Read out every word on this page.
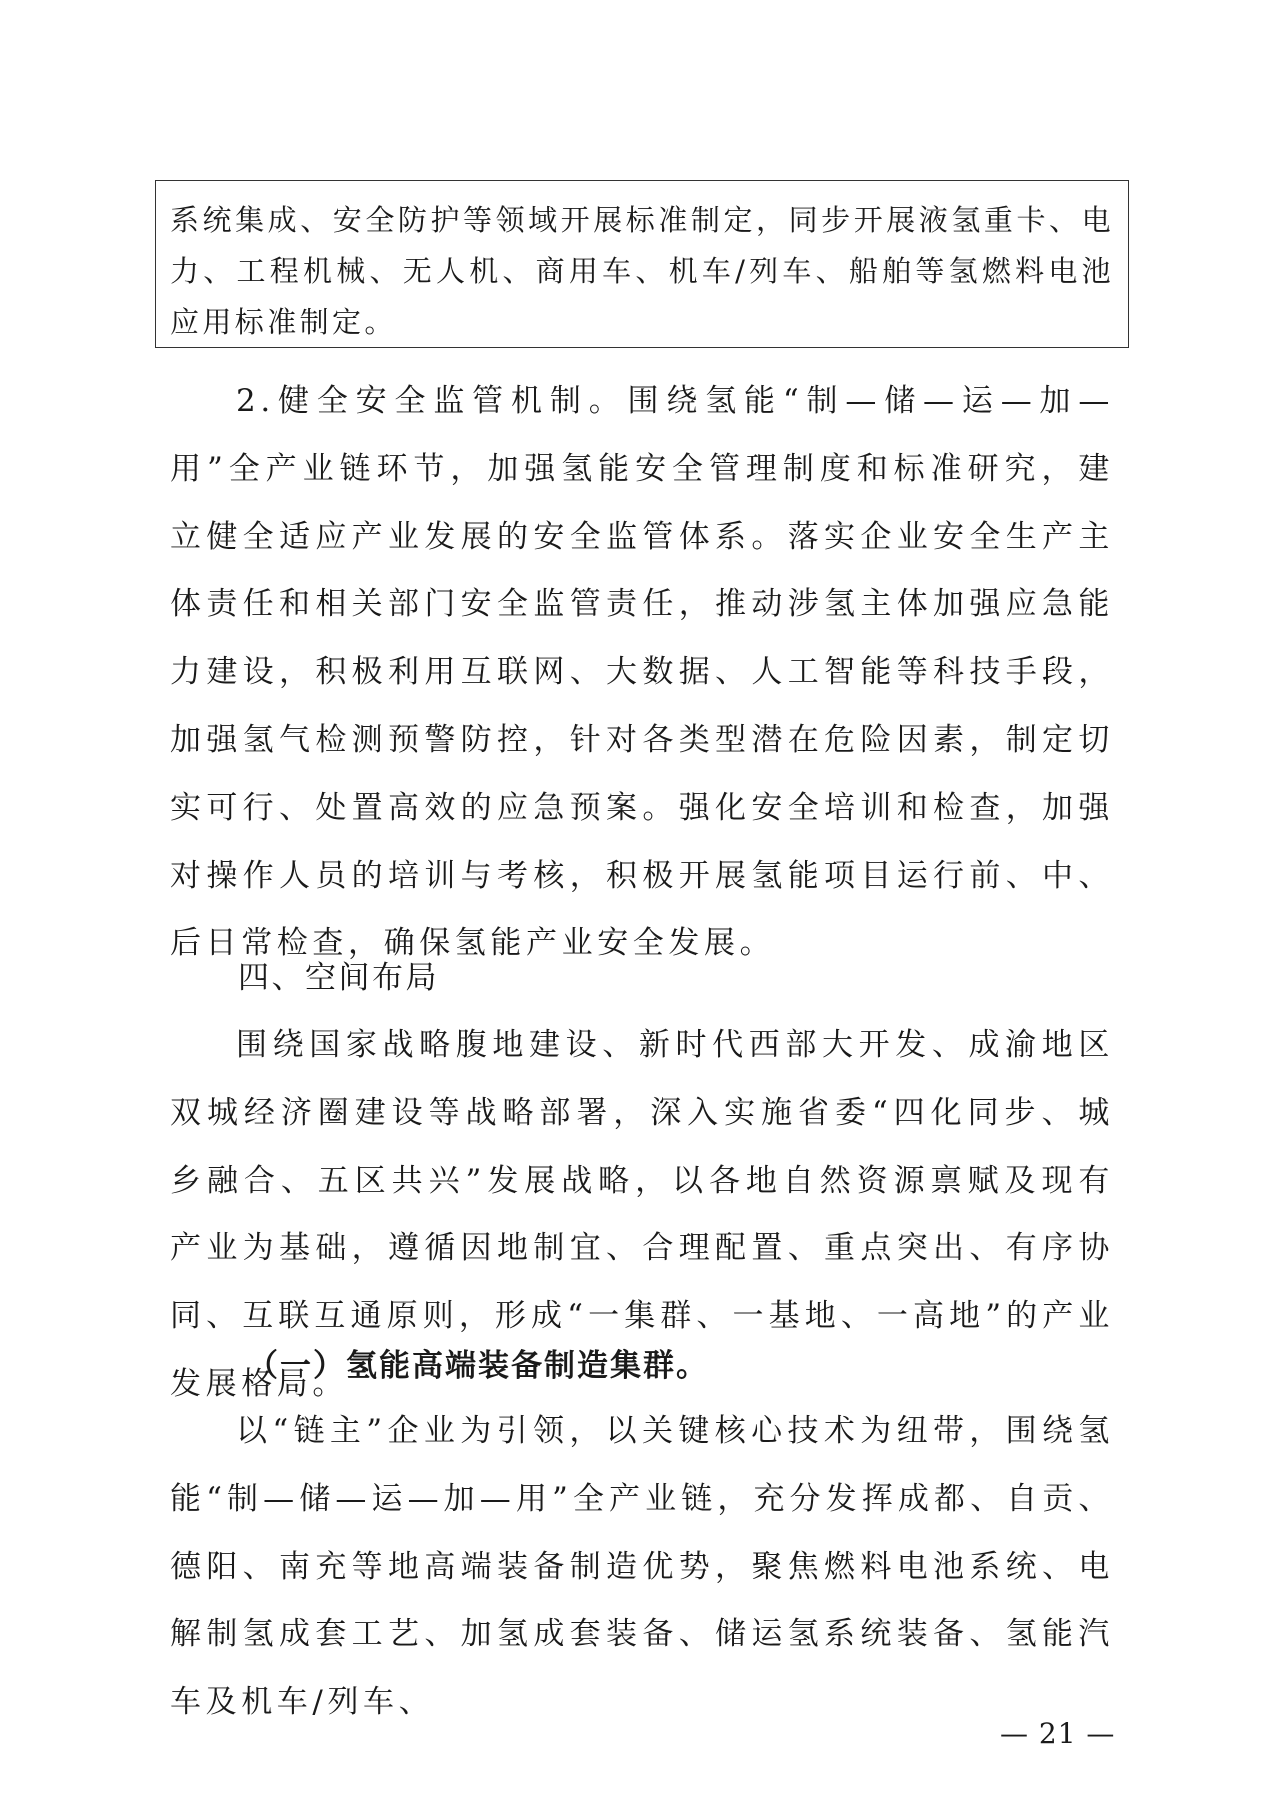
系统集成、安全防护等领域开展标准制定，同步开展液氢重卡、电力、工程机械、无人机、商用车、机车/列车、船舶等氢燃料电池应用标准制定。

2.健全安全监管机制。围绕氢能“制—储—运—加—用”全产业链环节，加强氢能安全管理制度和标准研究，建立健全适应产业发展的安全监管体系。落实企业安全生产主体责任和相关部门安全监管责任，推动涉氢主体加强应急能力建设，积极利用互联网、大数据、人工智能等科技手段，加强氢气检测预警防控，针对各类型潜在危险因素，制定切实可行、处置高效的应急预案。强化安全培训和检查，加强对操作人员的培训与考核，积极开展氢能项目运行前、中、后日常检查，确保氢能产业安全发展。

四、空间布局

围绕国家战略腹地建设、新时代西部大开发、成渝地区双城经济圈建设等战略部署，深入实施省委“四化同步、城乡融合、五区共兴”发展战略，以各地自然资源禀赋及现有产业为基础，遵循因地制宜、合理配置、重点突出、有序协同、互联互通原则，形成“一集群、一基地、一高地”的产业发展格局。

（一）氢能高端装备制造集群。

以“链主”企业为引领，以关键核心技术为纽带，围绕氢能“制—储—运—加—用”全产业链，充分发挥成都、自贡、德阳、南充等地高端装备制造优势，聚焦燃料电池系统、电解制氢成套工艺、加氢成套装备、储运氢系统装备、氢能汽车及机车/列车、

— 21 —
